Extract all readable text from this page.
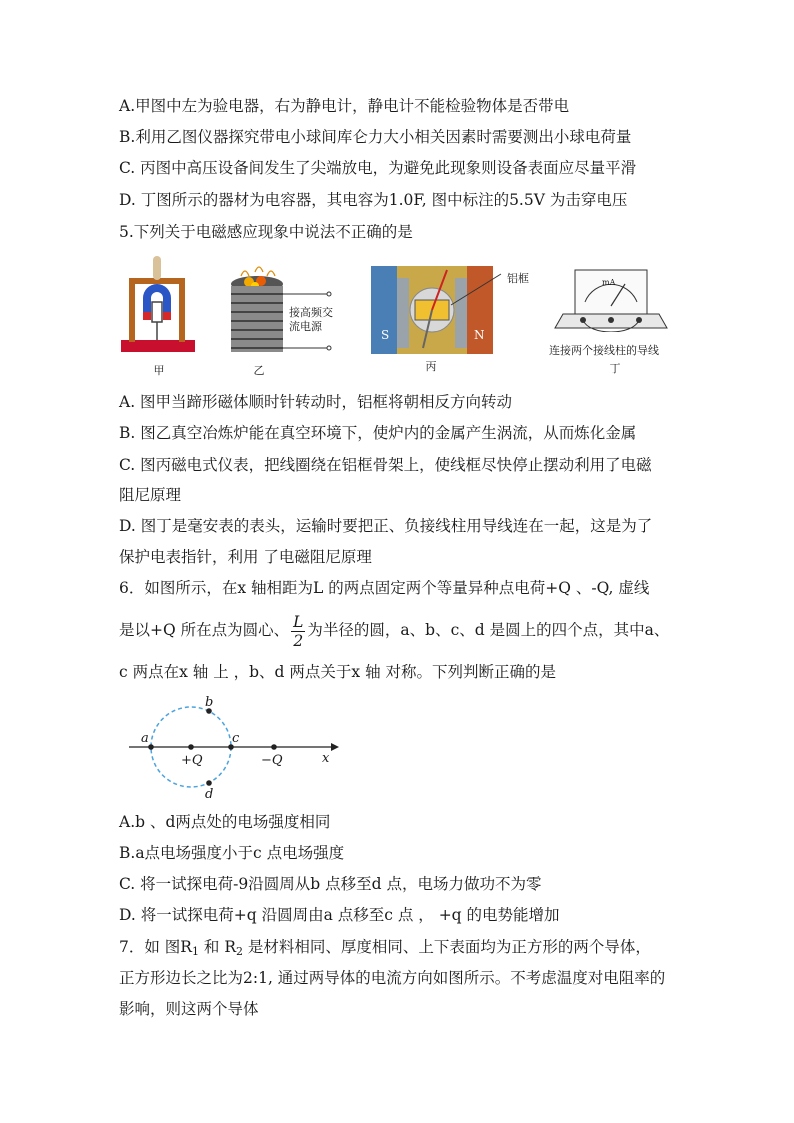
A.甲图中左为验电器，右为静电计，静电计不能检验物体是否带电
B.利用乙图仪器探究带电小球间库仑力大小相关因素时需要测出小球电荷量
C. 丙图中高压设备间发生了尖端放电，为避免此现象则设备表面应尽量平滑
D. 丁图所示的器材为电容器，其电容为1.0F, 图中标注的5.5V 为击穿电压
5.下列关于电磁感应现象中说法不正确的是
甲
接高频交
流电源
乙
S	N
铝框
丙
mA
连接两个接线柱的导线
丁
A. 图甲当蹄形磁体顺时针转动时，铝框将朝相反方向转动
B. 图乙真空冶炼炉能在真空环境下，使炉内的金属产生涡流，从而炼化金属
C. 图丙磁电式仪表，把线圈绕在铝框骨架上，使线框尽快停止摆动利用了电磁
阻尼原理
D. 图丁是毫安表的表头，运输时要把正、负接线柱用导线连在一起，这是为了
保护电表指针，利用 了电磁阻尼原理
6．如图所示，在x 轴相距为L 的两点固定两个等量异种点电荷+Q 、-Q, 虚线
是以+Q 所在点为圆心、 $\frac{L}{2}$ 为半径的圆，a、b、c、d 是圆上的四个点，其中a、
c 两点在x 轴 上 ，b、d 两点关于x 轴 对称。下列判断正确的是
a
b
c
d
+Q	−Q	x
A.b 、d两点处的电场强度相同
B.a点电场强度小于c 点电场强度
C. 将一试探电荷-9沿圆周从b 点移至d 点，电场力做功不为零
D. 将一试探电荷+q 沿圆周由a 点移至c 点 ， +q 的电势能增加
7．如 图$R_1$ 和 $R_2$ 是材料相同、厚度相同、上下表面均为正方形的两个导体，
正方形边长之比为2:1, 通过两导体的电流方向如图所示。不考虑温度对电阻率的
影响，则这两个导体
